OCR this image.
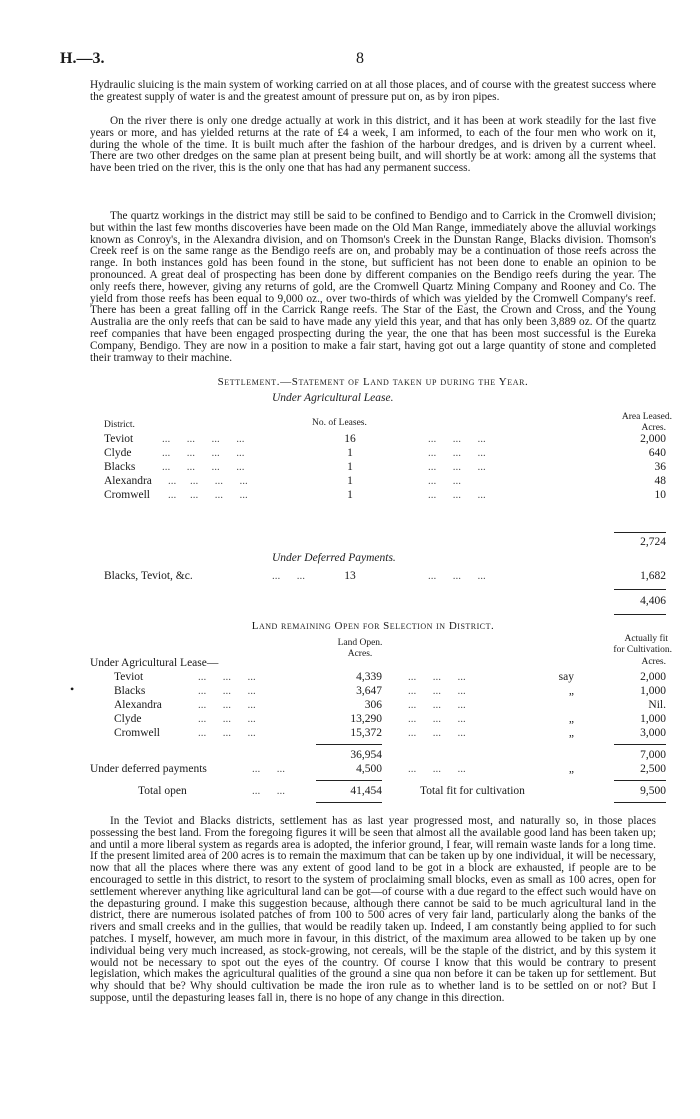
H.—3.	8
Hydraulic sluicing is the main system of working carried on at all those places, and of course with the greatest success where the greatest supply of water is and the greatest amount of pressure put on, as by iron pipes.
On the river there is only one dredge actually at work in this district, and it has been at work steadily for the last five years or more, and has yielded returns at the rate of £4 a week, I am informed, to each of the four men who work on it, during the whole of the time. It is built much after the fashion of the harbour dredges, and is driven by a current wheel. There are two other dredges on the same plan at present being built, and will shortly be at work: among all the systems that have been tried on the river, this is the only one that has had any permanent success.
The quartz workings in the district may still be said to be confined to Bendigo and to Carrick in the Cromwell division; but within the last few months discoveries have been made on the Old Man Range, immediately above the alluvial workings known as Conroy's, in the Alexandra division, and on Thomson's Creek in the Dunstan Range, Blacks division. Thomson's Creek reef is on the same range as the Bendigo reefs are on, and probably may be a continuation of those reefs across the range. In both instances gold has been found in the stone, but sufficient has not been done to enable an opinion to be pronounced. A great deal of prospecting has been done by different companies on the Bendigo reefs during the year. The only reefs there, however, giving any returns of gold, are the Cromwell Quartz Mining Company and Rooney and Co. The yield from those reefs has been equal to 9,000 oz., over two-thirds of which was yielded by the Cromwell Company's reef. There has been a great falling off in the Carrick Range reefs. The Star of the East, the Crown and Cross, and the Young Australia are the only reefs that can be said to have made any yield this year, and that has only been 3,889 oz. Of the quartz reef companies that have been engaged prospecting during the year, the one that has been most successful is the Eureka Company, Bendigo. They are now in a position to make a fair start, having got out a large quantity of stone and completed their tramway to their machine.
•
Settlement.—Statement of Land taken up during the Year.
Under Agricultural Lease.
District.	No. of Leases.
Area Leased.
Acres.
Teviot	...      ...      ...      ...	16	...      ...      ...	2,000
Clyde	...      ...      ...      ...	1	...      ...      ...	640
Blacks ...      ...      ...      ...	1	...      ...      ...	36
Alexandra ...     ...      ...      ...	1	...      ...	48
Cromwell ...     ...      ...      ...	1	...      ...      ...	10
2,724
Under Deferred Payments.
Blacks, Teviot, &c.	...      ...	13	...      ...      ...	1,682
4,406
Land remaining Open for Selection in District.
Land Open.
Acres.
Actually fit
for Cultivation.
Acres.
Under Agricultural Lease—
Teviot	...      ...      ...	4,339 ...      ...      ...	say	2,000
Blacks	...      ...      ...	3,647 ...      ...      ...	„	1,000
Alexandra	...      ...      ...	306 ...      ...      ...	Nil.
Clyde	...      ...      ...	13,290 ...      ...      ...	„	1,000
Cromwell	...      ...      ...	15,372 ...      ...      ...	„	3,000
36,954	7,000
Under deferred payments	...      ...	4,500 ...      ...      ...	„	2,500
Total open	...      ...	41,454	Total fit for cultivation	9,500
In the Teviot and Blacks districts, settlement has as last year progressed most, and naturally so, in those places possessing the best land. From the foregoing figures it will be seen that almost all the available good land has been taken up; and until a more liberal system as regards area is adopted, the inferior ground, I fear, will remain waste lands for a long time. If the present limited area of 200 acres is to remain the maximum that can be taken up by one individual, it will be necessary, now that all the places where there was any extent of good land to be got in a block are exhausted, if people are to be encouraged to settle in this district, to resort to the system of proclaiming small blocks, even as small as 100 acres, open for settlement wherever anything like agricultural land can be got—of course with a due regard to the effect such would have on the depasturing ground. I make this suggestion because, although there cannot be said to be much agricultural land in the district, there are numerous isolated patches of from 100 to 500 acres of very fair land, particularly along the banks of the rivers and small creeks and in the gullies, that would be readily taken up. Indeed, I am constantly being applied to for such patches. I myself, however, am much more in favour, in this district, of the maximum area allowed to be taken up by one individual being very much increased, as stock-growing, not cereals, will be the staple of the district, and by this system it would not be necessary to spot out the eyes of the country. Of course I know that this would be contrary to present legislation, which makes the agricultural qualities of the ground a sine qua non before it can be taken up for settlement. But why should that be? Why should cultivation be made the iron rule as to whether land is to be settled on or not? But I suppose, until the depasturing leases fall in, there is no hope of any change in this direction.
